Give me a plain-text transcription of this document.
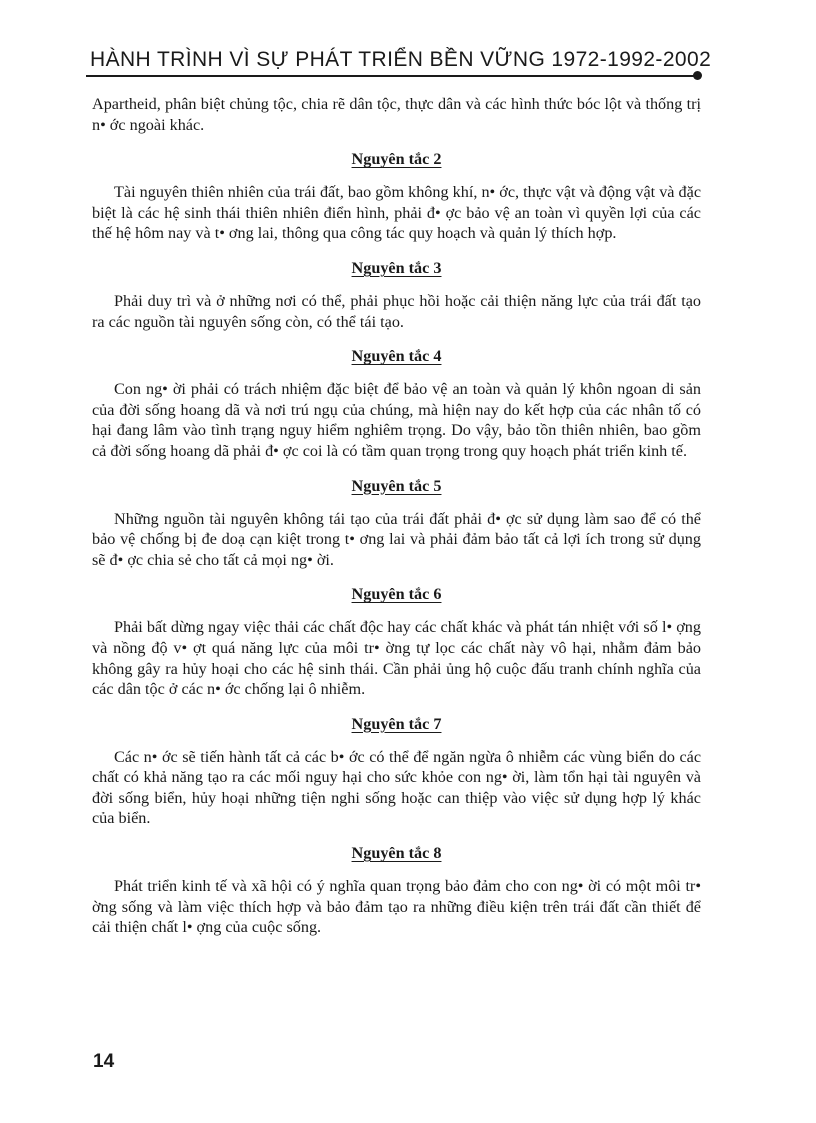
HÀNH TRÌNH VÌ SỰ PHÁT TRIỂN BỀN VỮNG 1972-1992-2002

Apartheid, phân biệt chủng tộc, chia rẽ dân tộc, thực dân và các hình thức bóc lột và thống trị n• ớc ngoài khác.

Nguyên tắc 2

Tài nguyên thiên nhiên của trái đất, bao gồm không khí, n• ớc, thực vật và động vật và đặc biệt là các hệ sinh thái thiên nhiên điển hình, phải đ• ợc bảo vệ an toàn vì quyền lợi của các thế hệ hôm nay và t• ơng lai, thông qua công tác quy hoạch và quản lý thích hợp.

Nguyên tắc 3

Phải duy trì và ở những nơi có thể, phải phục hồi hoặc cải thiện năng lực của trái đất tạo ra các nguồn tài nguyên sống còn, có thể tái tạo.

Nguyên tắc 4

Con ng• ời phải có trách nhiệm đặc biệt để bảo vệ an toàn và quản lý khôn ngoan di sản của đời sống hoang dã và nơi trú ngụ của chúng, mà hiện nay do kết hợp của các nhân tố có hại đang lâm vào tình trạng nguy hiểm nghiêm trọng. Do vậy, bảo tồn thiên nhiên, bao gồm cả đời sống hoang dã phải đ• ợc coi là có tầm quan trọng trong quy hoạch phát triển kinh tế.

Nguyên tắc 5

Những nguồn tài nguyên không tái tạo của trái đất phải đ• ợc sử dụng làm sao để có thể bảo vệ chống bị đe doạ cạn kiệt trong t• ơng lai và phải đảm bảo tất cả lợi ích trong sử dụng sẽ đ• ợc chia sẻ cho tất cả mọi ng• ời.

Nguyên tắc 6

Phải bất dừng ngay việc thải các chất độc hay các chất khác và phát tán nhiệt với số l• ợng và nồng độ v• ợt quá năng lực của môi tr• ờng tự lọc các chất này vô hại, nhằm đảm bảo không gây ra hủy hoại cho các hệ sinh thái. Cần phải ủng hộ cuộc đấu tranh chính nghĩa của các dân tộc ở các n• ớc chống lại ô nhiễm.

Nguyên tắc 7

Các n• ớc sẽ tiến hành tất cả các b• ớc có thể để ngăn ngừa ô nhiễm các vùng biển do các chất có khả năng tạo ra các mối nguy hại cho sức khỏe con ng• ời, làm tổn hại tài nguyên và đời sống biển, hủy hoại những tiện nghi sống hoặc can thiệp vào việc sử dụng hợp lý khác của biển.

Nguyên tắc 8

Phát triển kinh tế và xã hội có ý nghĩa quan trọng bảo đảm cho con ng• ời có một môi tr• ờng sống và làm việc thích hợp và bảo đảm tạo ra những điều kiện trên trái đất cần thiết để cải thiện chất l• ợng của cuộc sống.

14
